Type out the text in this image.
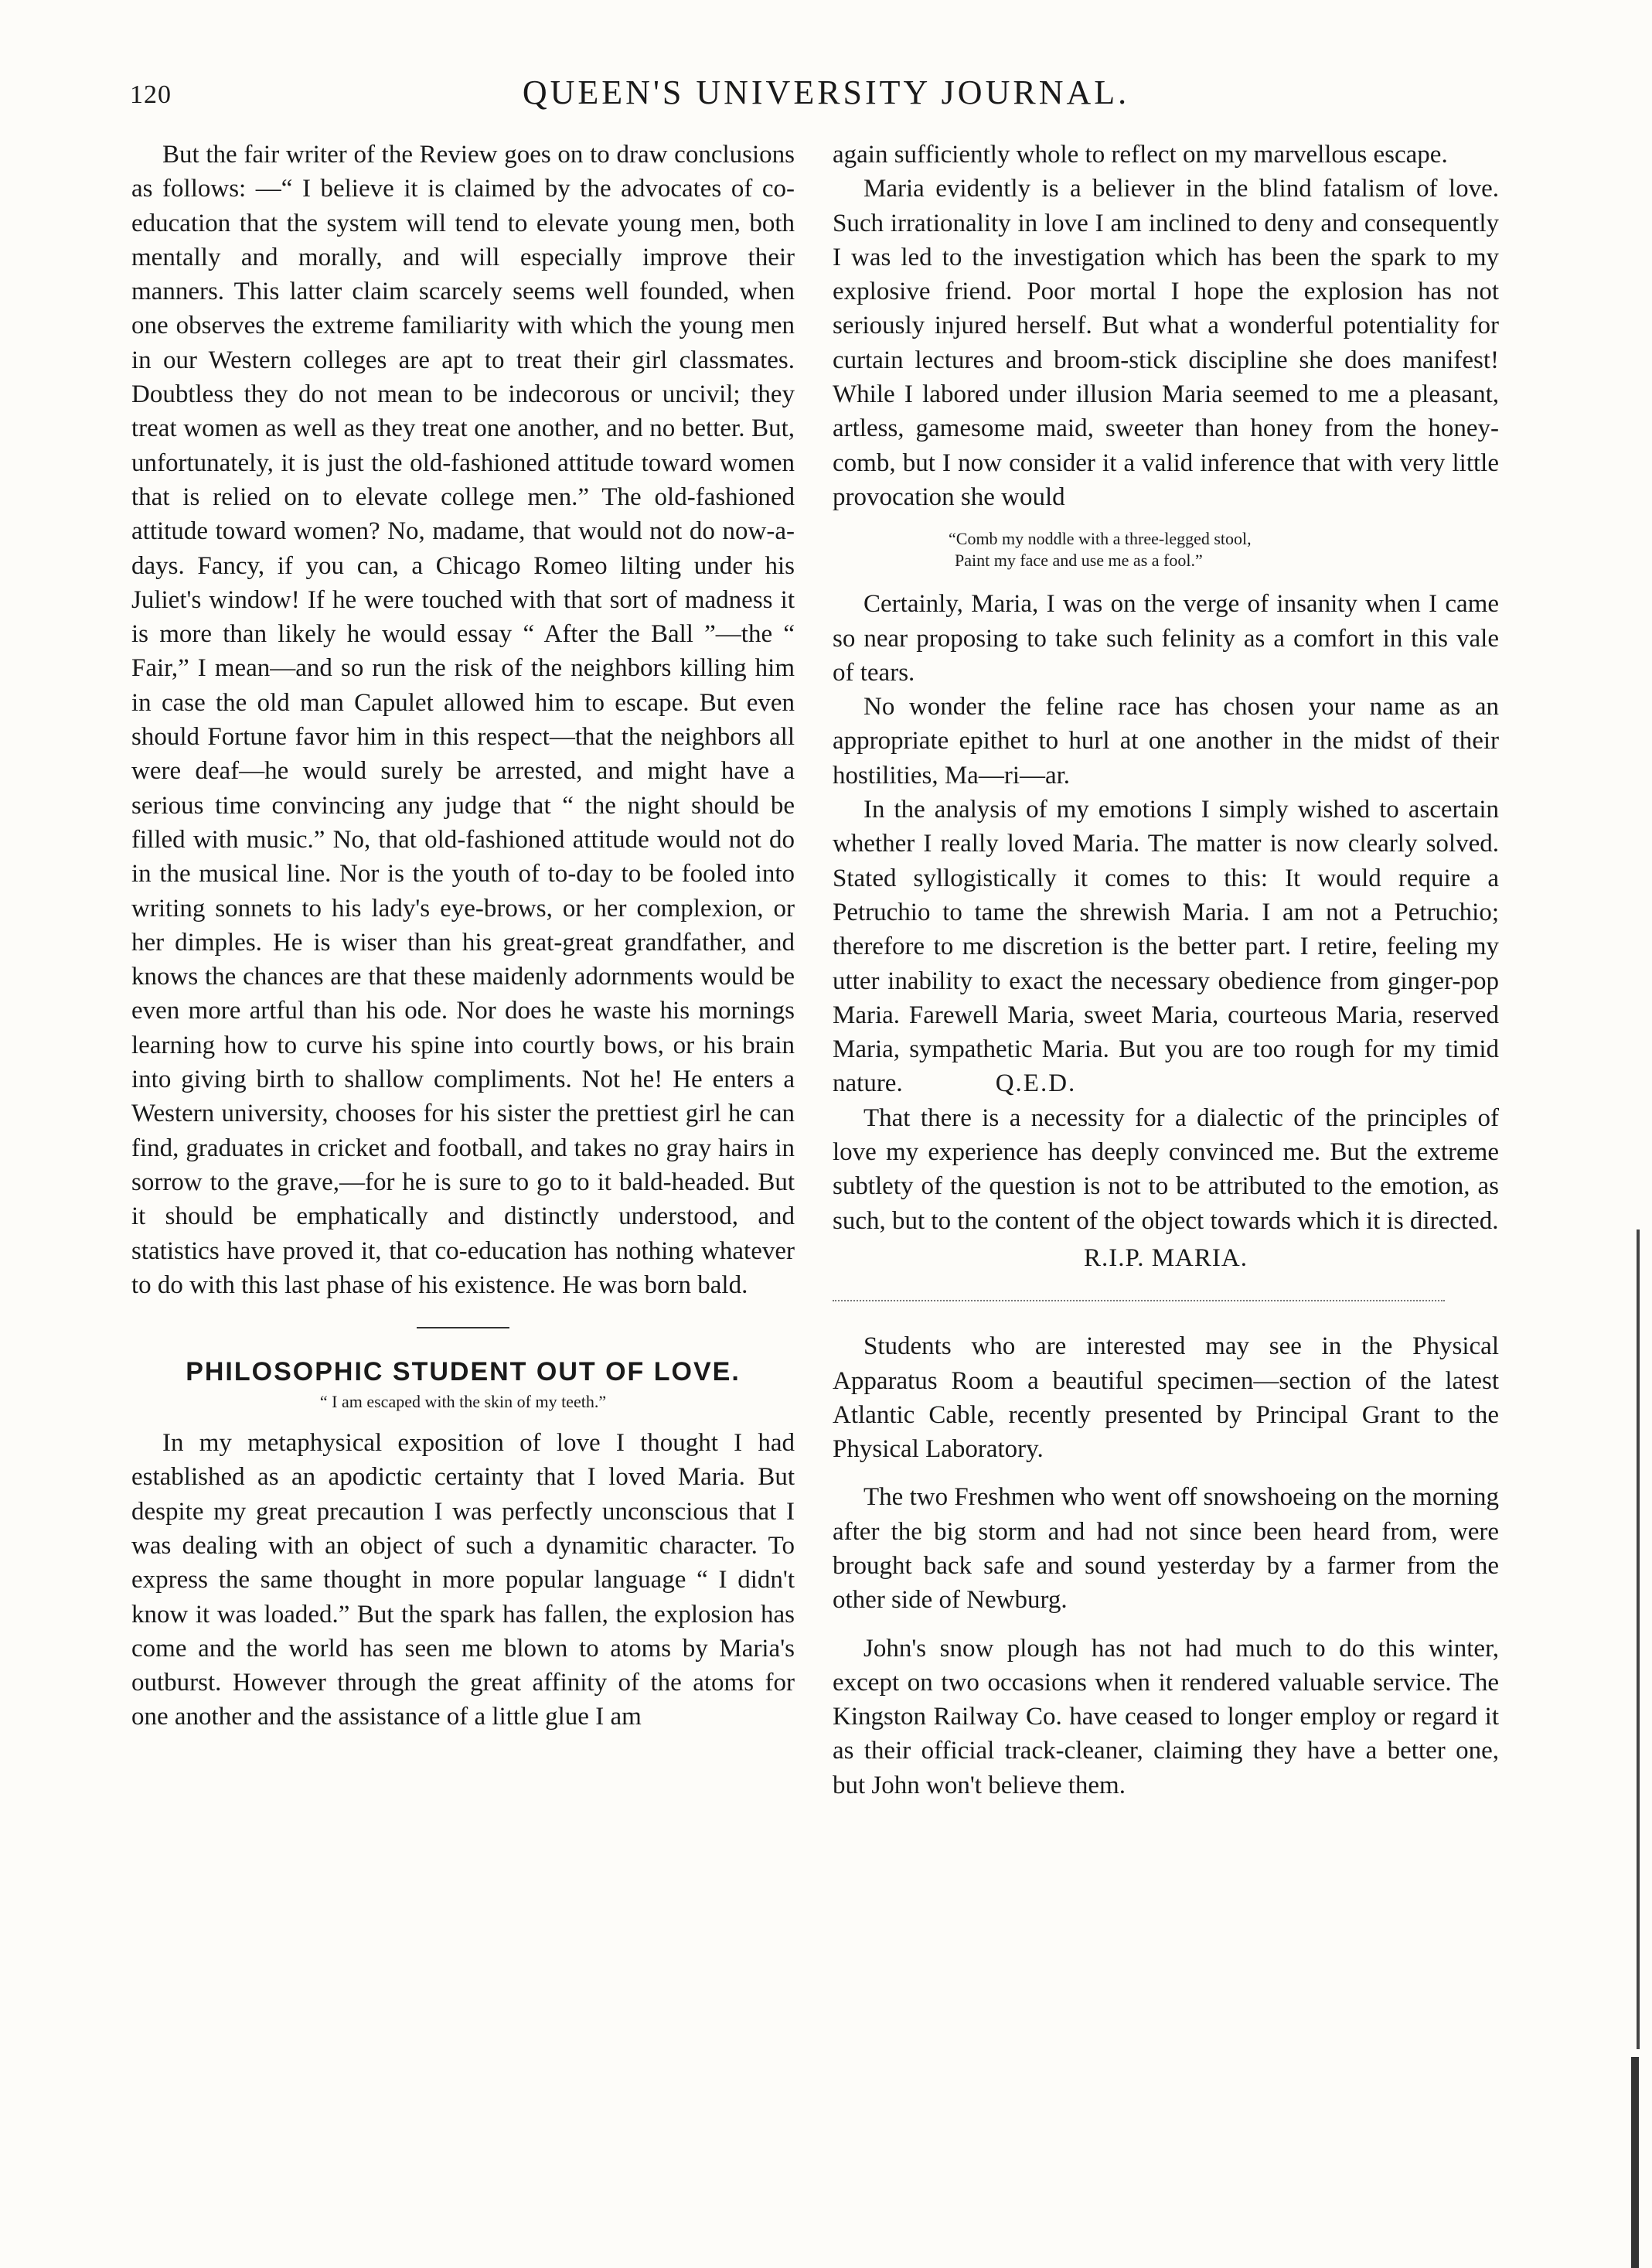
120	QUEEN'S UNIVERSITY JOURNAL.

But the fair writer of the Review goes on to draw conclusions as follows: —“ I believe it is claimed by the advocates of co-education that the system will tend to elevate young men, both mentally and morally, and will especially improve their manners. This latter claim scarcely seems well founded, when one observes the extreme familiarity with which the young men in our Western colleges are apt to treat their girl classmates. Doubtless they do not mean to be indecorous or uncivil; they treat women as well as they treat one another, and no better. But, unfortunately, it is just the old-fashioned attitude toward women that is relied on to elevate college men.” The old-fashioned attitude toward women? No, madame, that would not do now-a-days. Fancy, if you can, a Chicago Romeo lilting under his Juliet's window! If he were touched with that sort of madness it is more than likely he would essay “ After the Ball ”—the “ Fair,” I mean—and so run the risk of the neighbors killing him in case the old man Capulet allowed him to escape. But even should Fortune favor him in this respect—that the neighbors all were deaf—he would surely be arrested, and might have a serious time convincing any judge that “ the night should be filled with music.” No, that old-fashioned attitude would not do in the musical line. Nor is the youth of to-day to be fooled into writing sonnets to his lady's eye-brows, or her complexion, or her dimples. He is wiser than his great-great grandfather, and knows the chances are that these maidenly adornments would be even more artful than his ode. Nor does he waste his mornings learning how to curve his spine into courtly bows, or his brain into giving birth to shallow compliments. Not he! He enters a Western university, chooses for his sister the prettiest girl he can find, graduates in cricket and football, and takes no gray hairs in sorrow to the grave,—for he is sure to go to it bald-headed. But it should be emphatically and distinctly understood, and statistics have proved it, that co-education has nothing whatever to do with this last phase of his existence. He was born bald.

PHILOSOPHIC STUDENT OUT OF LOVE.
“ I am escaped with the skin of my teeth.”

In my metaphysical exposition of love I thought I had established as an apodictic certainty that I loved Maria. But despite my great precaution I was perfectly unconscious that I was dealing with an object of such a dynamitic character. To express the same thought in more popular language “ I didn't know it was loaded.” But the spark has fallen, the explosion has come and the world has seen me blown to atoms by Maria's outburst. However through the great affinity of the atoms for one another and the assistance of a little glue I am

again sufficiently whole to reflect on my marvellous escape.

Maria evidently is a believer in the blind fatalism of love. Such irrationality in love I am inclined to deny and consequently I was led to the investigation which has been the spark to my explosive friend. Poor mortal I hope the explosion has not seriously injured herself. But what a wonderful potentiality for curtain lectures and broom-stick discipline she does manifest! While I labored under illusion Maria seemed to me a pleasant, artless, gamesome maid, sweeter than honey from the honey-comb, but I now consider it a valid inference that with very little provocation she would

“Comb my noddle with a three-legged stool,
Paint my face and use me as a fool.”

Certainly, Maria, I was on the verge of insanity when I came so near proposing to take such felinity as a comfort in this vale of tears.

No wonder the feline race has chosen your name as an appropriate epithet to hurl at one another in the midst of their hostilities, Ma—ri—ar.

In the analysis of my emotions I simply wished to ascertain whether I really loved Maria. The matter is now clearly solved. Stated syllogistically it comes to this: It would require a Petruchio to tame the shrewish Maria. I am not a Petruchio; therefore to me discretion is the better part. I retire, feeling my utter inability to exact the necessary obedience from ginger-pop Maria. Farewell Maria, sweet Maria, courteous Maria, reserved Maria, sympathetic Maria. But you are too rough for my timid nature.	Q.E.D.

That there is a necessity for a dialectic of the principles of love my experience has deeply convinced me. But the extreme subtlety of the question is not to be attributed to the emotion, as such, but to the content of the object towards which it is directed.

R.I.P. MARIA.

Students who are interested may see in the Physical Apparatus Room a beautiful specimen—section of the latest Atlantic Cable, recently presented by Principal Grant to the Physical Laboratory.

The two Freshmen who went off snowshoeing on the morning after the big storm and had not since been heard from, were brought back safe and sound yesterday by a farmer from the other side of Newburg.

John's snow plough has not had much to do this winter, except on two occasions when it rendered valuable service. The Kingston Railway Co. have ceased to longer employ or regard it as their official track-cleaner, claiming they have a better one, but John won't believe them.
